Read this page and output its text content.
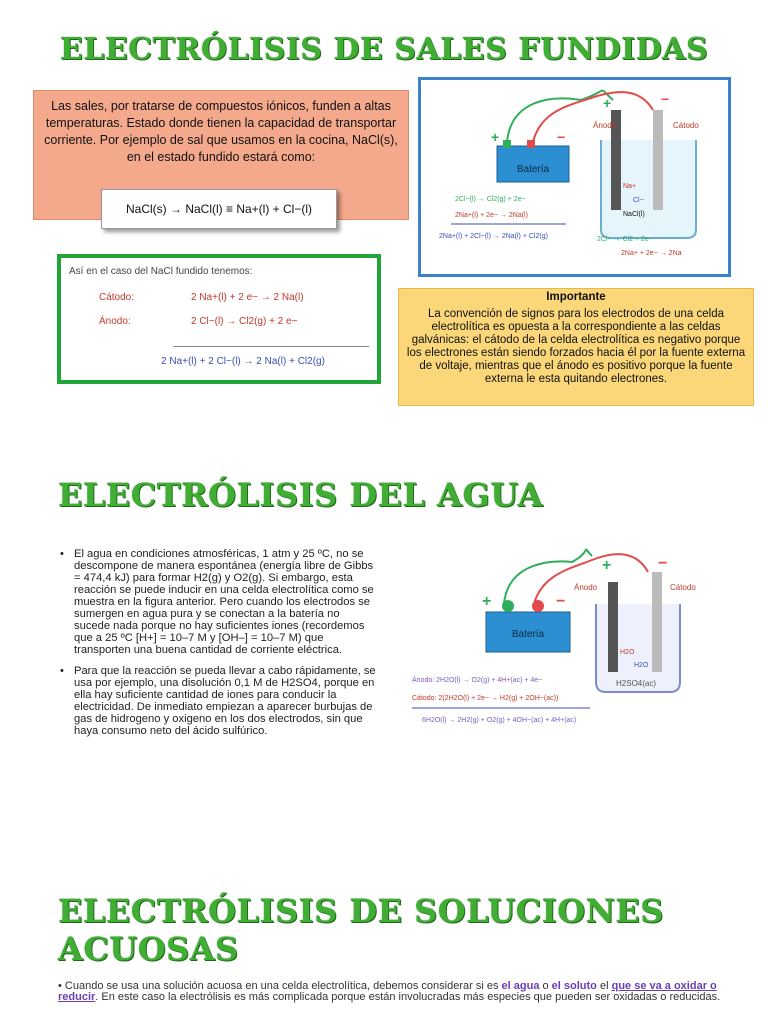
ELECTRÓLISIS DE SALES FUNDIDAS
Las sales, por tratarse de compuestos iónicos, funden a altas temperaturas. Estado donde tienen la capacidad de transportar corriente. Por ejemplo de sal que usamos en la cocina, NaCl(s), en el estado fundido estará como:
NaCl(s) → NaCl(l) ≡ Na+(l) + Cl−(l)
Así en el caso del NaCl fundido tenemos:
Cátodo:	2 Na+(l) + 2 e− → 2 Na(l)
Ánodo:	2 Cl−(l) → Cl2(g) + 2 e−
2 Na+(l) + 2 Cl−(l) → 2 Na(l) + Cl2(g)
Batería
+	−
+	−
Ánodo	Cátodo
Na+
Cl−
NaCl(l)
2Cl−(l) → Cl2(g) + 2e−
2Na+(l) + 2e− → 2Na(l)
2Na+(l) + 2Cl−(l) → 2Na(l) + Cl2(g)	2Cl− → Cl2 + 2e−
2Na+ + 2e− → 2Na
Importante
La convención de signos para los electrodos de una celda electrolítica es opuesta a la correspondiente a las celdas galvánicas: el cátodo de la celda electrolítica es negativo porque los electrones están siendo forzados hacia él por la fuente externa de voltaje, mientras que el ánodo es positivo porque la fuente externa le esta quitando electrones.
ELECTRÓLISIS DEL AGUA
• El agua en condiciones atmosféricas, 1 atm y 25 ºC, no se descompone de manera espontánea (energía libre de Gibbs = 474,4 kJ) para formar H2(g) y O2(g). Si embargo, esta reacción se puede inducir en una celda electrolítica como se muestra en la figura anterior. Pero cuando los electrodos se sumergen en agua pura y se conectan a la batería no sucede nada porque no hay suficientes iones (recordemos que a 25 ºC [H+] = 10–7 M y [OH–] = 10–7 M) que transporten una buena cantidad de corriente eléctrica.
• Para que la reacción se pueda llevar a cabo rápidamente, se usa por ejemplo, una disolución 0,1 M de H2SO4, porque en ella hay suficiente cantidad de iones para conducir la electricidad. De inmediato empiezan a aparecer burbujas de gas de hidrogeno y oxigeno en los dos electrodos, sin que haya consumo neto del ácido sulfúrico.
Batería
+	−
+	−
Ánodo	Cátodo
H2O
H2O
H2SO4(ac)
Ánodo: 2H2O(l) → O2(g) + 4H+(ac) + 4e−
Cátodo: 2(2H2O(l) + 2e− → H2(g) + 2OH−(ac))
6H2O(l) → 2H2(g) + O2(g) + 4OH−(ac) + 4H+(ac)
ELECTRÓLISIS DE SOLUCIONES
ACUOSAS
• Cuando se usa una solución acuosa en una celda electrolítica, debemos considerar si es el agua o el soluto el que se va a oxidar o reducir. En este caso la electrólisis es más complicada porque están involucradas más especies que pueden ser oxidadas o reducidas.
